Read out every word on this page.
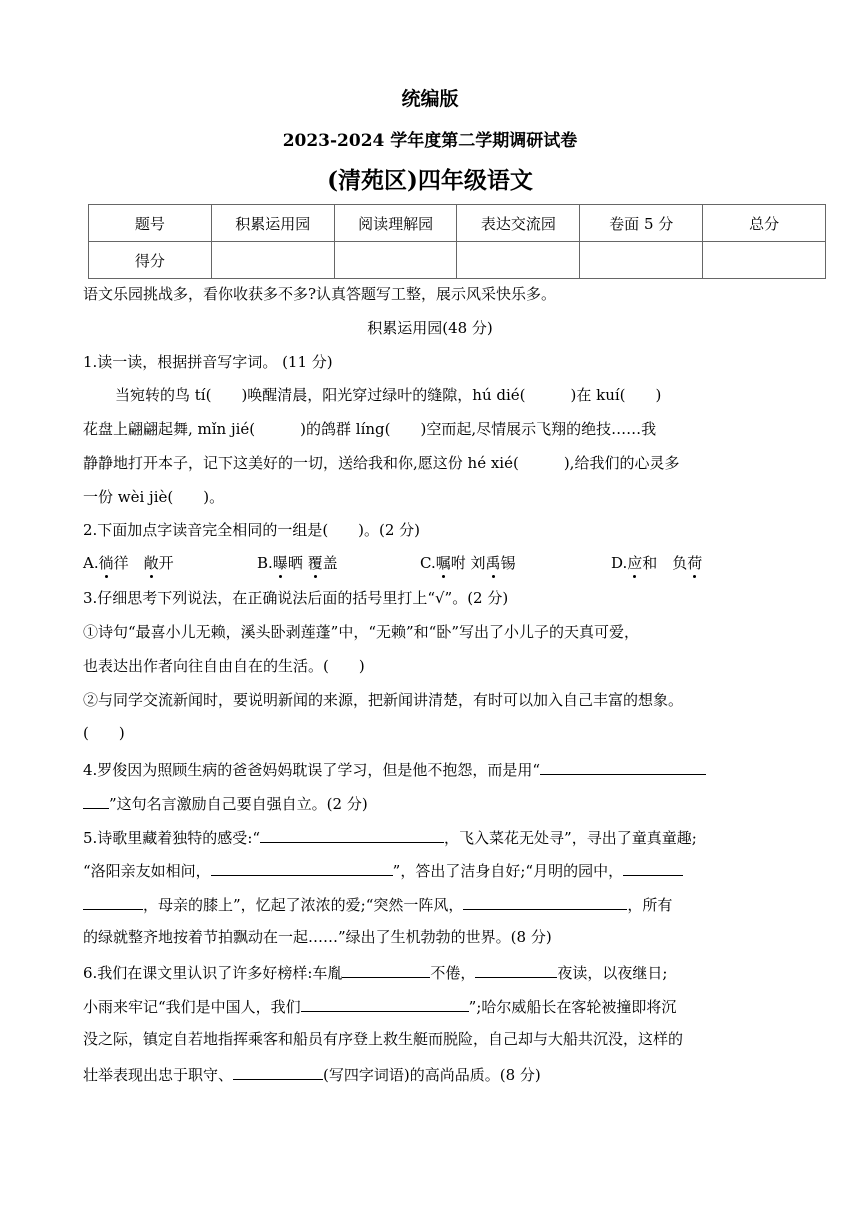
统编版
2023-2024 学年度第二学期调研试卷
(清苑区)四年级语文
题号	积累运用园	阅读理解园	表达交流园	卷面 5 分	总分
得分					
语文乐园挑战多，看你收获多不多?认真答题写工整，展示风采快乐多。
积累运用园(48 分)
1.读一读，根据拼音写字词。 (11 分)
当宛转的鸟 tí(　　)唤醒清晨，阳光穿过绿叶的缝隙，hú dié(　　　)在 kuí(　　)
花盘上翩翩起舞, mǐn jié(　　　)的鸽群 líng(　　)空而起,尽情展示飞翔的绝技……我
静静地打开本子，记下这美好的一切，送给我和你,愿这份 hé xié(　　　),给我们的心灵多
一份 wèi jiè(　　)。
2.下面加点字读音完全相同的一组是(　　)。(2 分)
A.徜徉　敞开	B.曝晒 覆盖	C.嘱咐 刘禹锡	D.应和　负荷
3.仔细思考下列说法，在正确说法后面的括号里打上“√”。(2 分)
①诗句“最喜小儿无赖，溪头卧剥莲蓬”中，“无赖”和“卧”写出了小儿子的天真可爱，
也表达出作者向往自由自在的生活。(　　)
②与同学交流新闻时，要说明新闻的来源，把新闻讲清楚，有时可以加入自己丰富的想象。
(　　)
4.罗俊因为照顾生病的爸爸妈妈耽误了学习，但是他不抱怨，而是用“
”这句名言激励自己要自强自立。(2 分)
5.诗歌里藏着独特的感受:“	，飞入菜花无处寻”，寻出了童真童趣;
“洛阳亲友如相问，	”，答出了洁身自好;“月明的园中，
，母亲的膝上”，忆起了浓浓的爱;“突然一阵风，	，所有
的绿就整齐地按着节拍飘动在一起……”绿出了生机勃勃的世界。(8 分)
6.我们在课文里认识了许多好榜样:车胤	不倦，	夜读，以夜继日;
小雨来牢记“我们是中国人，我们	”;哈尔威船长在客轮被撞即将沉
没之际，镇定自若地指挥乘客和船员有序登上救生艇而脱险，自己却与大船共沉没，这样的
壮举表现出忠于职守、	(写四字词语)的高尚品质。(8 分)
